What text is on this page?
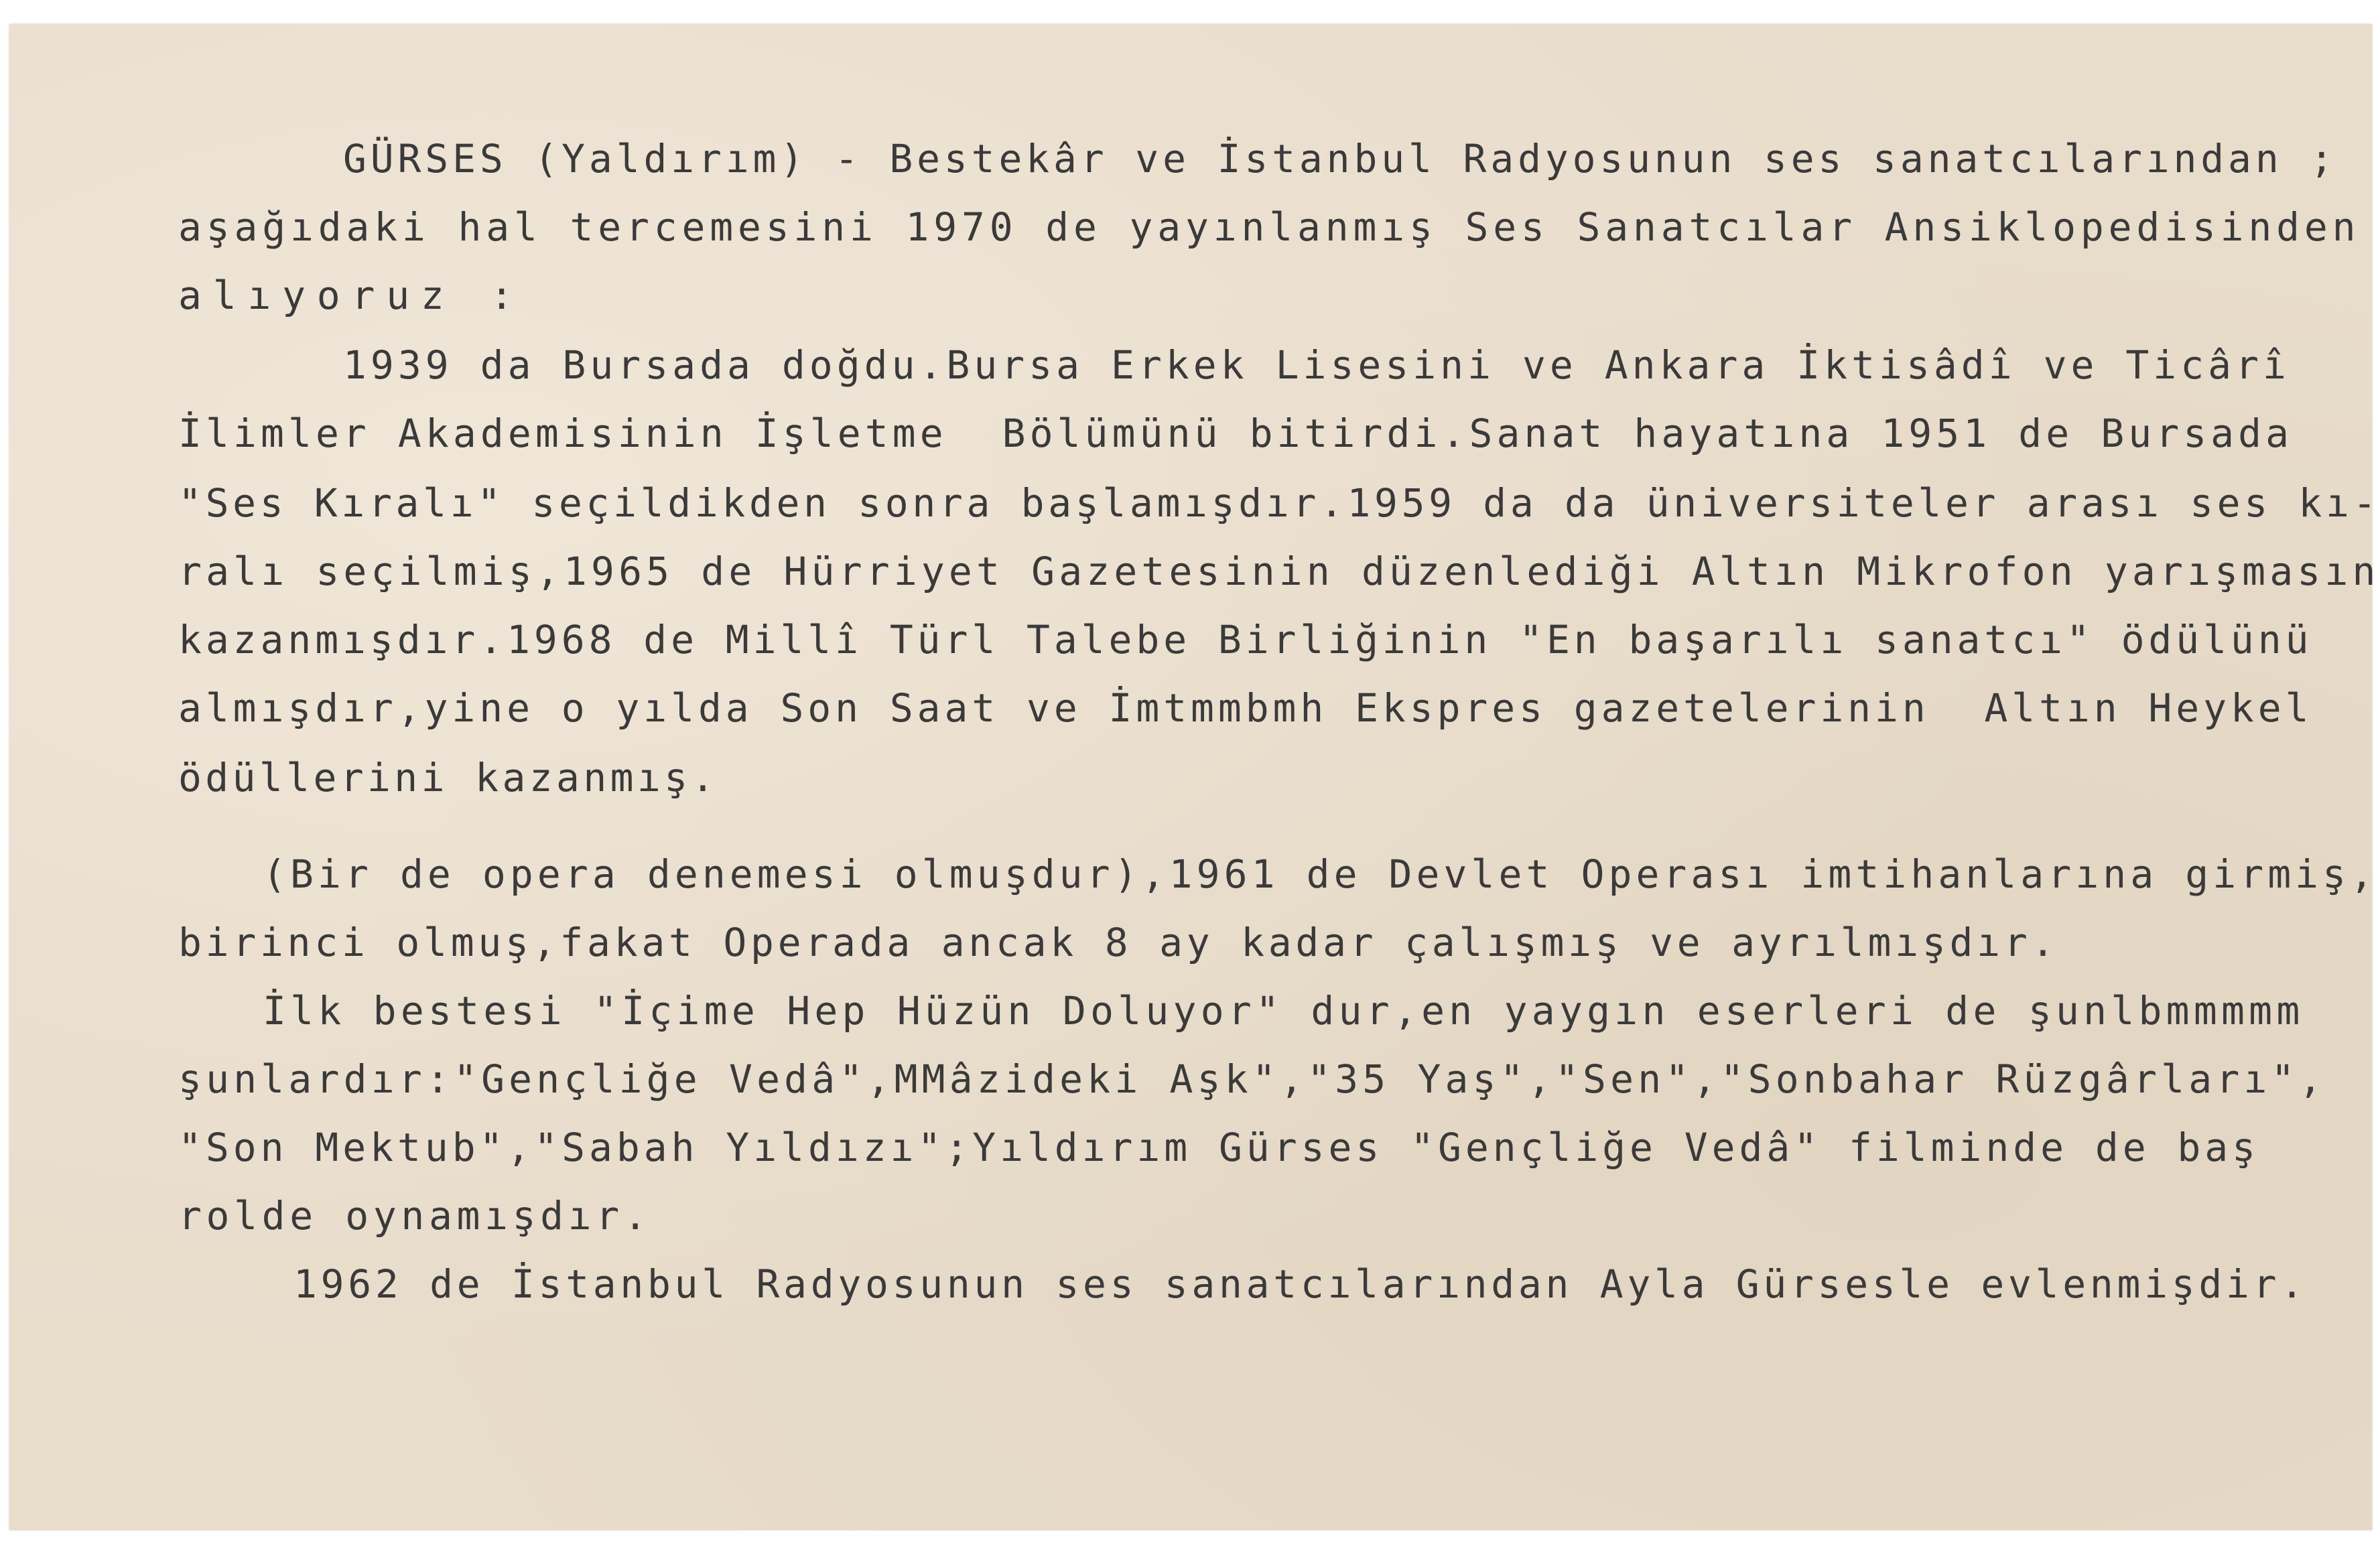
GÜRSES (Yaldırım) - Bestekâr ve İstanbul Radyosunun ses sanatcılarından ;
aşağıdaki hal tercemesini 1970 de yayınlanmış Ses Sanatcılar Ansiklopedisinden
alıyoruz :
1939 da Bursada doğdu.Bursa Erkek Lisesini ve Ankara İktisâdî ve Ticârî
İlimler Akademisinin İşletme  Bölümünü bitirdi.Sanat hayatına 1951 de Bursada
"Ses Kıralı" seçildikden sonra başlamışdır.1959 da da üniversiteler arası ses kı-
ralı seçilmiş,1965 de Hürriyet Gazetesinin düzenlediği Altın Mikrofon yarışmasın
kazanmışdır.1968 de Millî Türl Talebe Birliğinin "En başarılı sanatcı" ödülünü
almışdır,yine o yılda Son Saat ve İmtmmbmh Ekspres gazetelerinin  Altın Heykel
ödüllerini kazanmış.
(Bir de opera denemesi olmuşdur),1961 de Devlet Operası imtihanlarına girmiş,
birinci olmuş,fakat Operada ancak 8 ay kadar çalışmış ve ayrılmışdır.
İlk bestesi "İçime Hep Hüzün Doluyor" dur,en yaygın eserleri de şunlbmmmmm
şunlardır:"Gençliğe Vedâ",MMâzideki Aşk","35 Yaş","Sen","Sonbahar Rüzgârları",
"Son Mektub","Sabah Yıldızı";Yıldırım Gürses "Gençliğe Vedâ" filminde de baş
rolde oynamışdır.
1962 de İstanbul Radyosunun ses sanatcılarından Ayla Gürsesle evlenmişdir.
